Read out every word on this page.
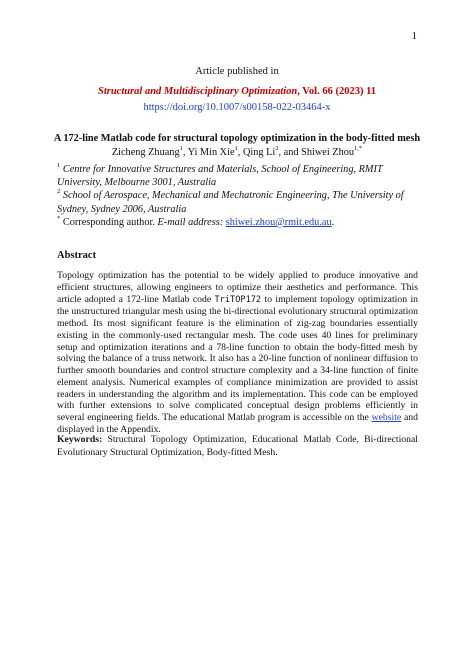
1
Article published in
Structural and Multidisciplinary Optimization, Vol. 66 (2023) 11
https://doi.org/10.1007/s00158-022-03464-x
A 172-line Matlab code for structural topology optimization in the body-fitted mesh
Zicheng Zhuang$^1$, Yi Min Xie$^1$, Qing Li$^2$, and Shiwei Zhou$^{1,*}$

$^1$ Centre for Innovative Structures and Materials, School of Engineering, RMIT University, Melbourne 3001, Australia

$^2$ School of Aerospace, Mechanical and Mechatronic Engineering, The University of Sydney, Sydney 2006, Australia

* Corresponding author. E-mail address: shiwei.zhou@rmit.edu.au.

Abstract
Topology optimization has the potential to be widely applied to produce innovative and efficient structures, allowing engineers to optimize their aesthetics and performance. This article adopted a 172-line Matlab code TriTOP172 to implement topology optimization in the unstructured triangular mesh using the bi-directional evolutionary structural optimization method. Its most significant feature is the elimination of zig-zag boundaries essentially existing in the commonly-used rectangular mesh. The code uses 40 lines for preliminary setup and optimization iterations and a 78-line function to obtain the body-fitted mesh by solving the balance of a truss network. It also has a 20-line function of nonlinear diffusion to further smooth boundaries and control structure complexity and a 34-line function of finite element analysis. Numerical examples of compliance minimization are provided to assist readers in understanding the algorithm and its implementation. This code can be employed with further extensions to solve complicated conceptual design problems efficiently in several engineering fields. The educational Matlab program is accessible on the website and displayed in the Appendix.
Keywords: Structural Topology Optimization, Educational Matlab Code, Bi-directional Evolutionary Structural Optimization, Body-fitted Mesh.
